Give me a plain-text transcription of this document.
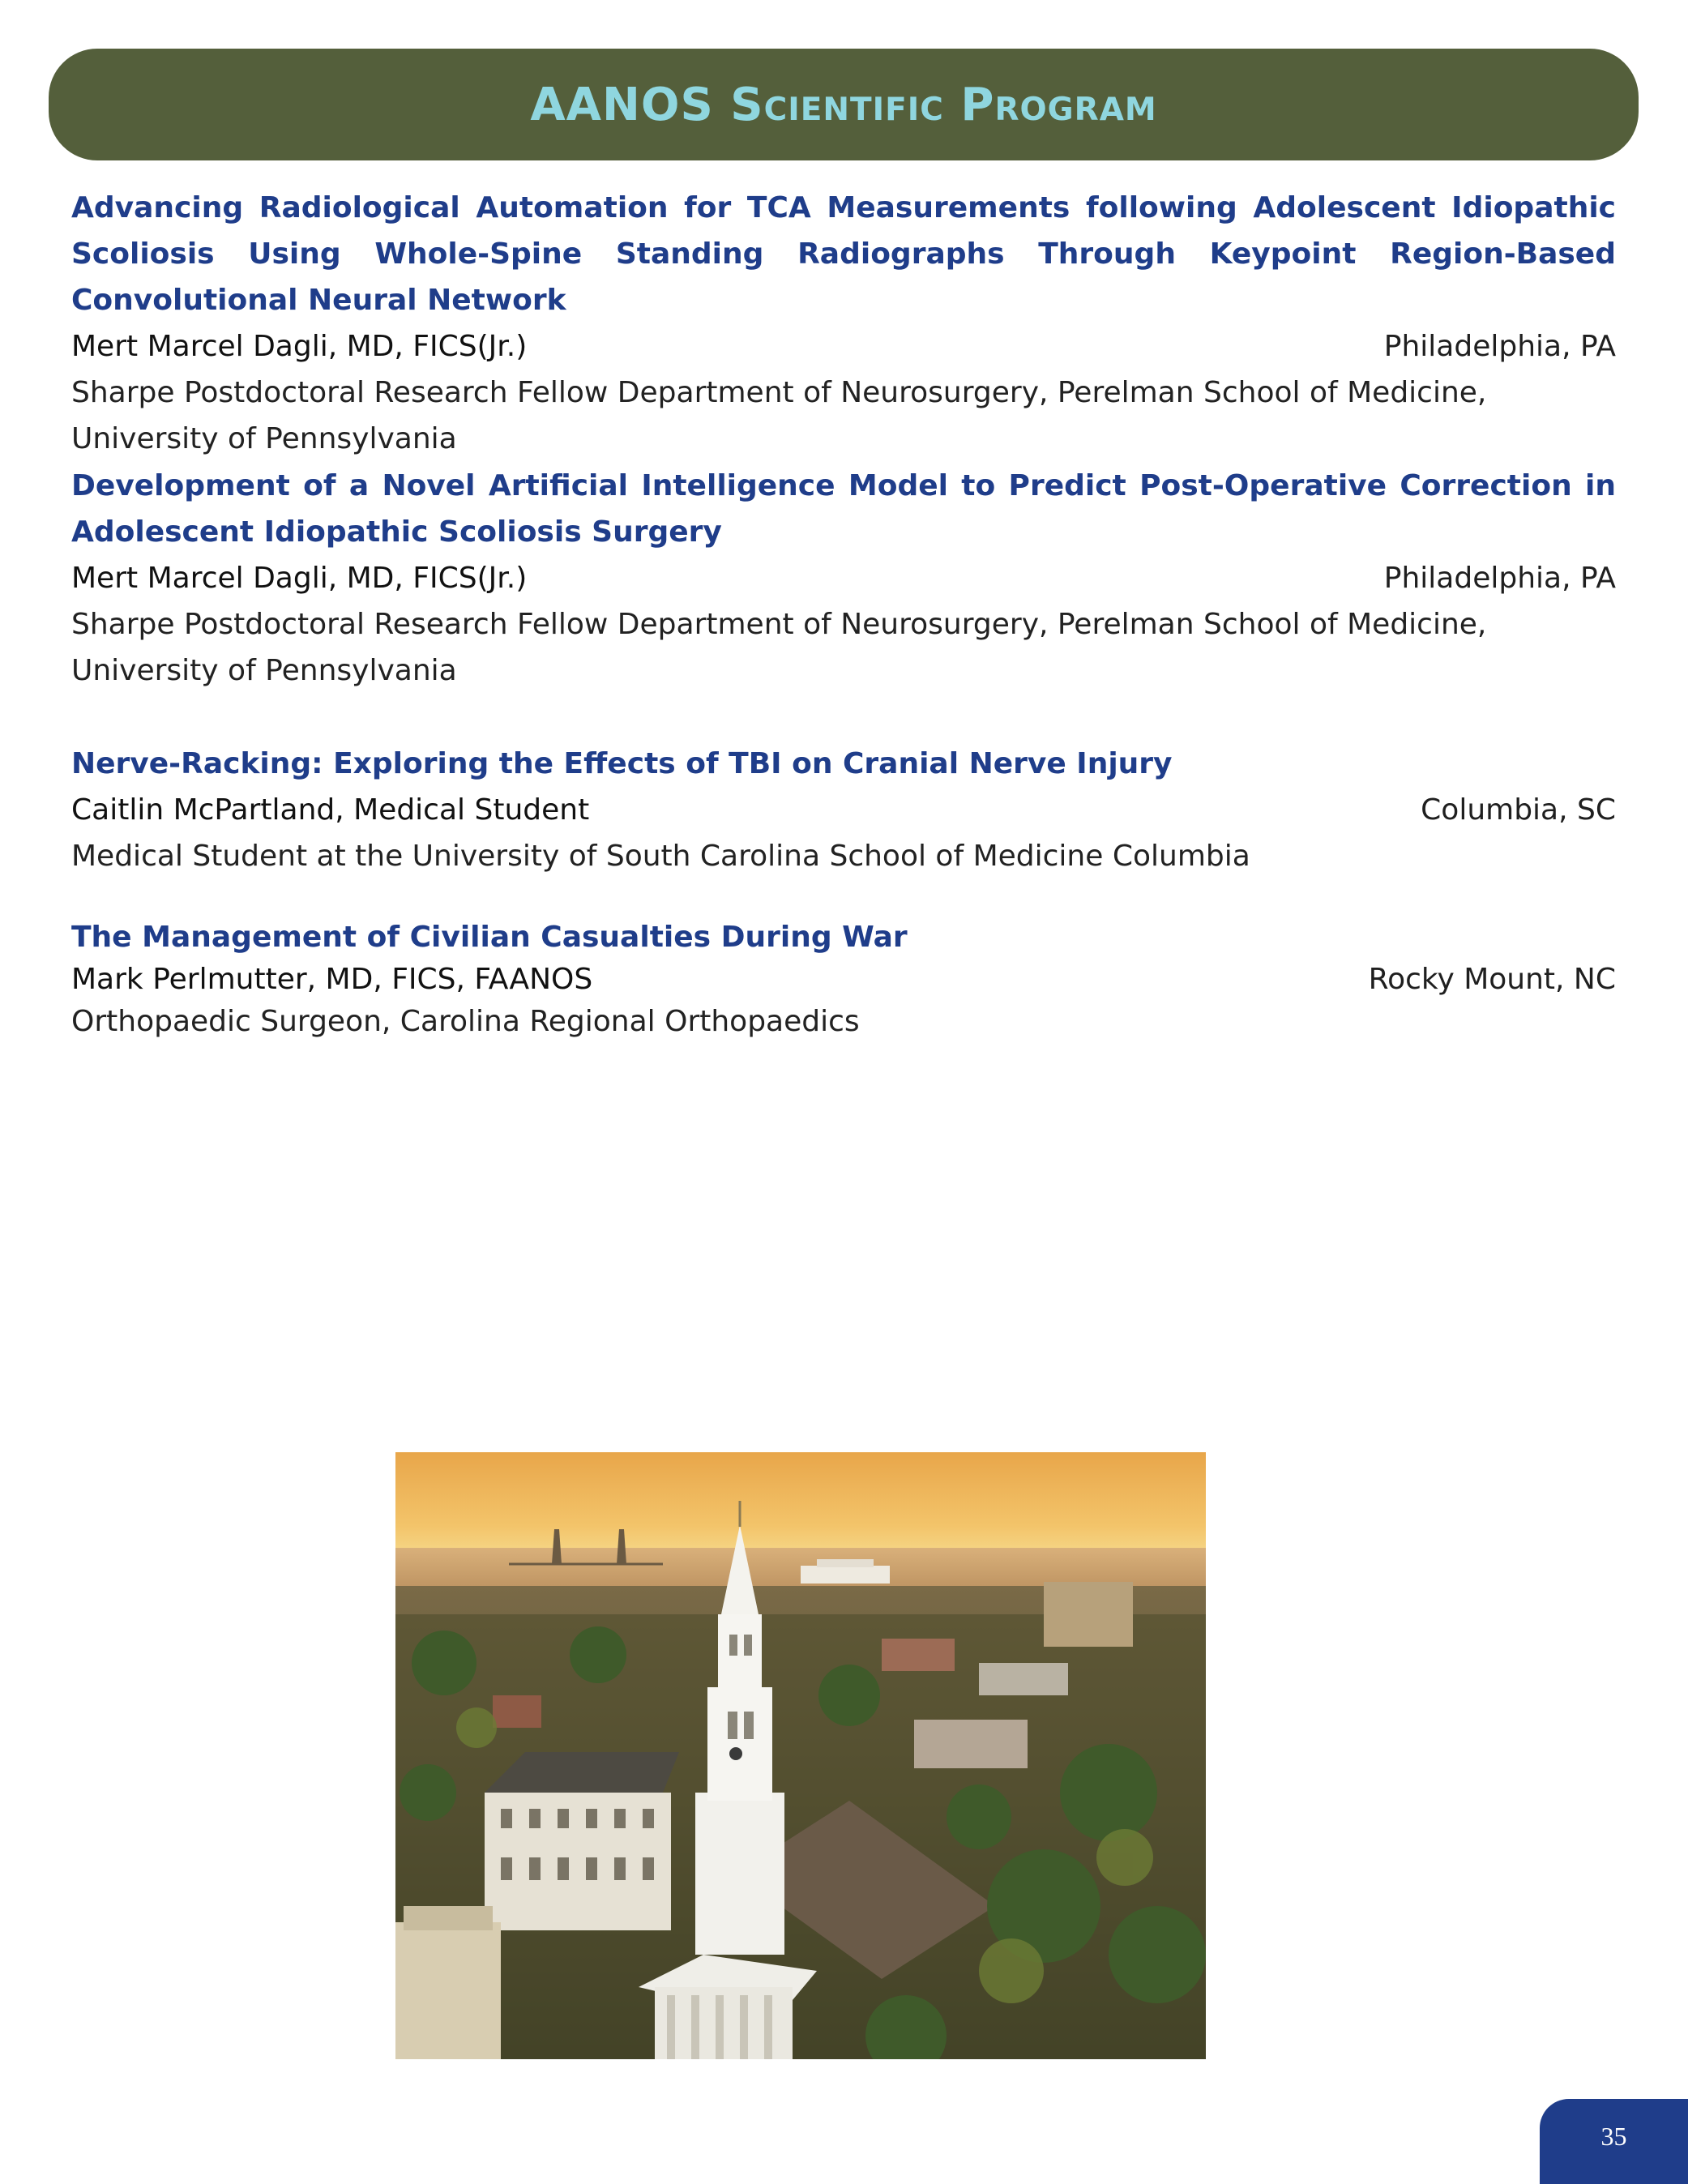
AANOS Scientific Program
Advancing Radiological Automation for TCA Measurements following Adolescent Idiopathic Scoliosis Using Whole-Spine Standing Radiographs Through Keypoint Region-Based Convolutional Neural Network
Mert Marcel Dagli, MD, FICS(Jr.)	Philadelphia, PA
Sharpe Postdoctoral Research Fellow Department of Neurosurgery, Perelman School of Medicine, University of Pennsylvania
Development of a Novel Artificial Intelligence Model to Predict Post-Operative Correction in Adolescent Idiopathic Scoliosis Surgery
Mert Marcel Dagli, MD, FICS(Jr.)	Philadelphia, PA
Sharpe Postdoctoral Research Fellow Department of Neurosurgery, Perelman School of Medicine, University of Pennsylvania
Nerve-Racking: Exploring the Effects of TBI on Cranial Nerve Injury
Caitlin McPartland, Medical Student	Columbia, SC
Medical Student at the University of South Carolina School of Medicine Columbia
The Management of Civilian Casualties During War
Mark Perlmutter, MD, FICS, FAANOS	Rocky Mount, NC
Orthopaedic Surgeon, Carolina Regional Orthopaedics
35
